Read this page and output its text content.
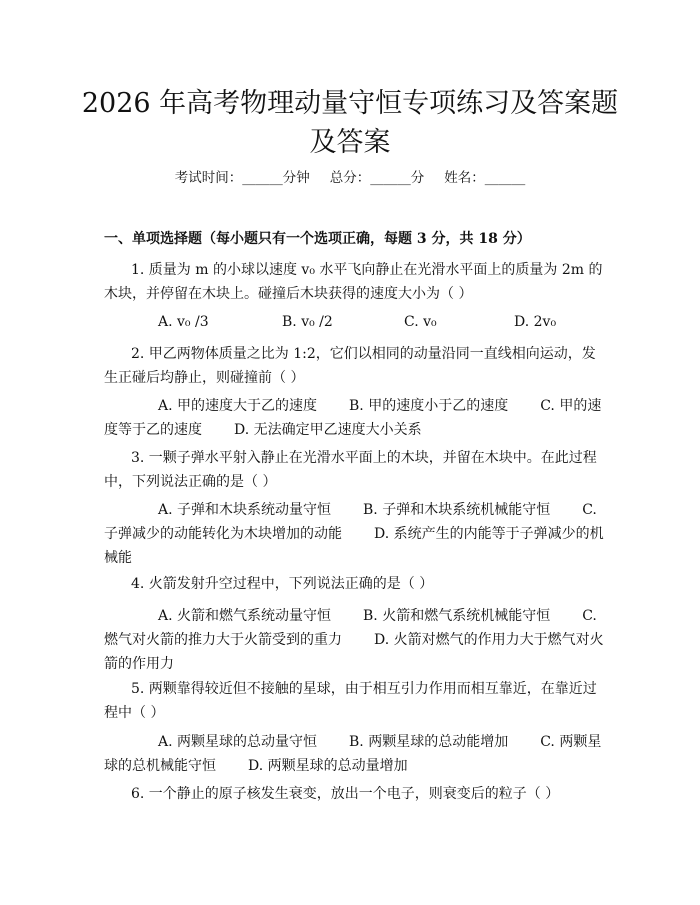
2026 年高考物理动量守恒专项练习及答案题
及答案
考试时间：______分钟 总分：______分 姓名：______
一、单项选择题（每小题只有一个选项正确，每题 3 分，共 18 分）

1. 质量为 m 的小球以速度 v₀ 水平飞向静止在光滑水平面上的质量为 2m 的木块，并停留在木块上。碰撞后木块获得的速度大小为（ ）

A. v₀ /3	B. v₀ /2	C. v₀	D. 2v₀

2. 甲乙两物体质量之比为 1:2，它们以相同的动量沿同一直线相向运动，发生正碰后均静止，则碰撞前（ ）

A. 甲的速度大于乙的速度 B. 甲的速度小于乙的速度 C. 甲的速度等于乙的速度 D. 无法确定甲乙速度大小关系

3. 一颗子弹水平射入静止在光滑水平面上的木块，并留在木块中。在此过程中，下列说法正确的是（ ）

A. 子弹和木块系统动量守恒 B. 子弹和木块系统机械能守恒 C. 子弹减少的动能转化为木块增加的动能 D. 系统产生的内能等于子弹减少的机械能

4. 火箭发射升空过程中，下列说法正确的是（ ）

A. 火箭和燃气系统动量守恒 B. 火箭和燃气系统机械能守恒 C. 燃气对火箭的推力大于火箭受到的重力 D. 火箭对燃气的作用力大于燃气对火箭的作用力

5. 两颗靠得较近但不接触的星球，由于相互引力作用而相互靠近，在靠近过程中（ ）

A. 两颗星球的总动量守恒 B. 两颗星球的总动能增加 C. 两颗星球的总机械能守恒 D. 两颗星球的总动量增加

6. 一个静止的原子核发生衰变，放出一个电子，则衰变后的粒子（ ）
